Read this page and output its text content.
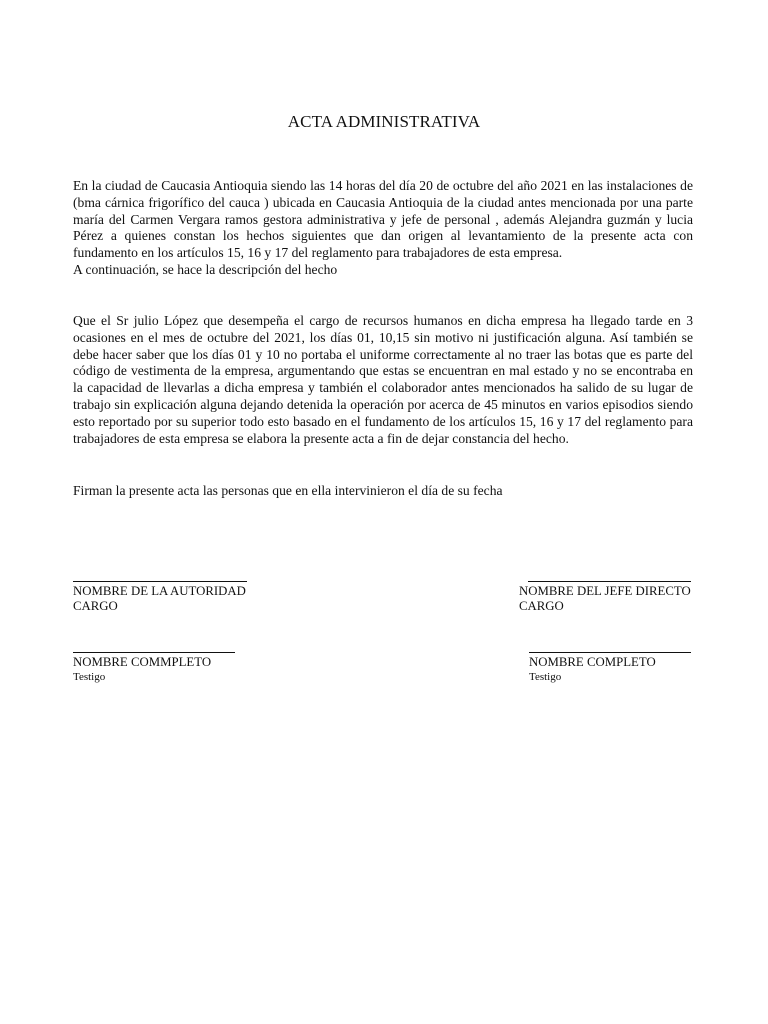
ACTA ADMINISTRATIVA
En la ciudad de Caucasia Antioquia siendo las 14 horas del día 20 de octubre del año 2021 en las instalaciones de (bma cárnica frigorífico del cauca ) ubicada en Caucasia Antioquia de la ciudad antes mencionada por una parte maría del Carmen Vergara ramos gestora administrativa y jefe de personal , además Alejandra guzmán y lucia Pérez a quienes constan los hechos siguientes que dan origen al levantamiento de la presente acta con fundamento en los artículos 15, 16 y 17 del reglamento para trabajadores de esta empresa.
A continuación, se hace la descripción del hecho
Que el Sr julio López que desempeña el cargo de recursos humanos en dicha empresa ha llegado tarde en 3 ocasiones en el mes de octubre del 2021, los días 01, 10,15 sin motivo ni justificación alguna. Así también se debe hacer saber que los días 01 y 10 no portaba el uniforme correctamente al no traer las botas que es parte del código de vestimenta de la empresa, argumentando que estas se encuentran en mal estado y no se encontraba en la capacidad de llevarlas a dicha empresa y también el colaborador antes mencionados ha salido de su lugar de trabajo sin explicación alguna dejando detenida la operación por acerca de 45 minutos en varios episodios siendo esto reportado por su superior todo esto basado en el fundamento de los artículos 15, 16 y 17 del reglamento para trabajadores de esta empresa se elabora la presente acta a fin de dejar constancia del hecho.
Firman la presente acta las personas que en ella intervinieron el día de su fecha
NOMBRE DE LA AUTORIDAD
CARGO
NOMBRE DEL JEFE DIRECTO
CARGO
NOMBRE COMMPLETO
Testigo
NOMBRE COMPLETO
Testigo
